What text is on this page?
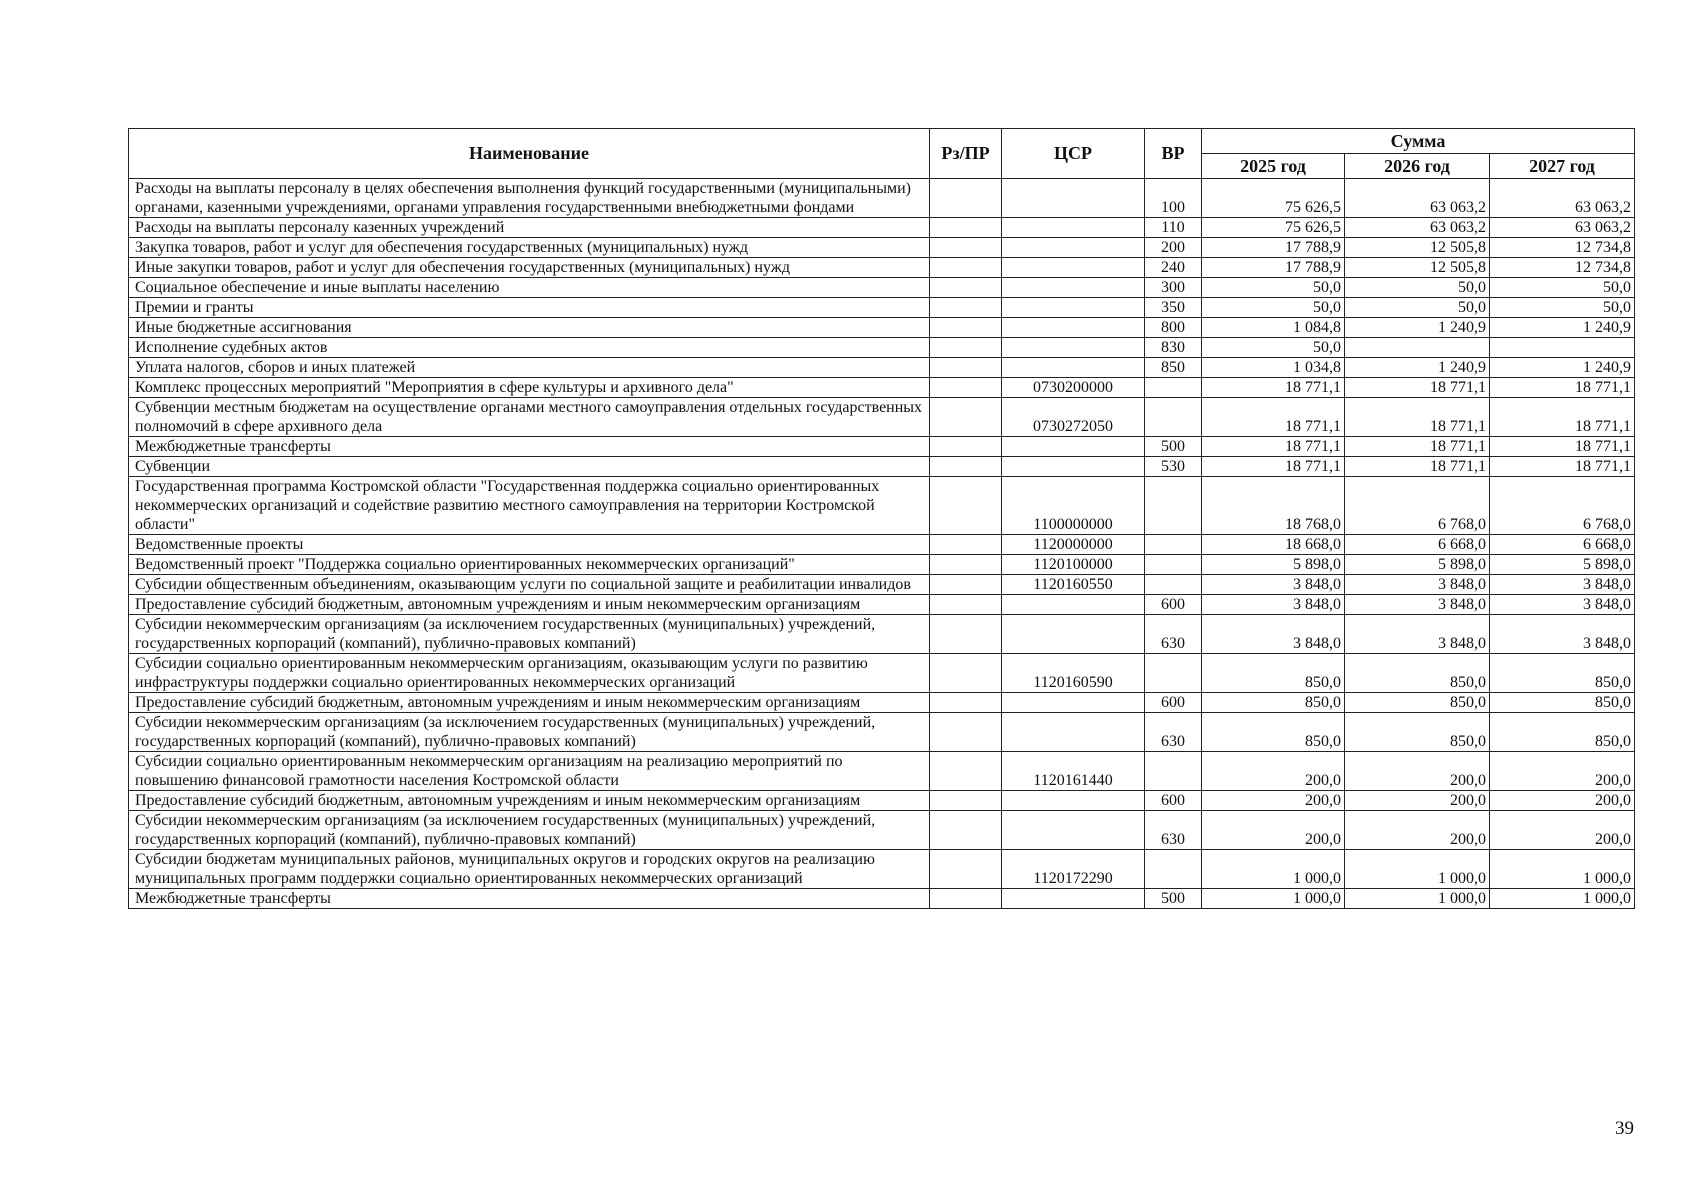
Наименование	Рз/ПР	ЦСР	ВР	Сумма		
				2025 год	2026 год	2027 год
Расходы на выплаты персоналу в целях обеспечения выполнения функций государственными (муниципальными) органами, казенными учреждениями, органами управления государственными внебюджетными фондами			100	75 626,5	63 063,2	63 063,2
Расходы на выплаты персоналу казенных учреждений			110	75 626,5	63 063,2	63 063,2
Закупка товаров, работ и услуг для обеспечения государственных (муниципальных) нужд			200	17 788,9	12 505,8	12 734,8
Иные закупки товаров, работ и услуг для обеспечения государственных (муниципальных) нужд			240	17 788,9	12 505,8	12 734,8
Социальное обеспечение и иные выплаты населению			300	50,0	50,0	50,0
Премии и гранты			350	50,0	50,0	50,0
Иные бюджетные ассигнования			800	1 084,8	1 240,9	1 240,9
Исполнение судебных актов			830	50,0		
Уплата налогов, сборов и иных платежей			850	1 034,8	1 240,9	1 240,9
Комплекс процессных мероприятий "Мероприятия в сфере культуры и архивного дела"		0730200000		18 771,1	18 771,1	18 771,1
Субвенции местным бюджетам на осуществление органами местного самоуправления отдельных государственных полномочий в сфере архивного дела		0730272050		18 771,1	18 771,1	18 771,1
Межбюджетные трансферты			500	18 771,1	18 771,1	18 771,1
Субвенции			530	18 771,1	18 771,1	18 771,1
Государственная программа Костромской области "Государственная поддержка социально ориентированных некоммерческих организаций и содействие развитию местного самоуправления на территории Костромской области"		1100000000		18 768,0	6 768,0	6 768,0
Ведомственные проекты		1120000000		18 668,0	6 668,0	6 668,0
Ведомственный проект "Поддержка социально ориентированных некоммерческих организаций"		1120100000		5 898,0	5 898,0	5 898,0
Субсидии общественным объединениям, оказывающим услуги по социальной защите и реабилитации инвалидов		1120160550		3 848,0	3 848,0	3 848,0
Предоставление субсидий бюджетным, автономным учреждениям и иным некоммерческим организациям			600	3 848,0	3 848,0	3 848,0
Субсидии некоммерческим организациям (за исключением государственных (муниципальных) учреждений, государственных корпораций (компаний), публично-правовых компаний)			630	3 848,0	3 848,0	3 848,0
Субсидии социально ориентированным некоммерческим организациям, оказывающим услуги по развитию инфраструктуры поддержки социально ориентированных некоммерческих организаций		1120160590		850,0	850,0	850,0
Предоставление субсидий бюджетным, автономным учреждениям и иным некоммерческим организациям			600	850,0	850,0	850,0
Субсидии некоммерческим организациям (за исключением государственных (муниципальных) учреждений, государственных корпораций (компаний), публично-правовых компаний)			630	850,0	850,0	850,0
Субсидии социально ориентированным некоммерческим организациям на реализацию мероприятий по повышению финансовой грамотности населения Костромской области		1120161440		200,0	200,0	200,0
Предоставление субсидий бюджетным, автономным учреждениям и иным некоммерческим организациям			600	200,0	200,0	200,0
Субсидии некоммерческим организациям (за исключением государственных (муниципальных) учреждений, государственных корпораций (компаний), публично-правовых компаний)			630	200,0	200,0	200,0
Субсидии бюджетам муниципальных районов, муниципальных округов и городских округов на реализацию муниципальных программ поддержки социально ориентированных некоммерческих организаций		1120172290		1 000,0	1 000,0	1 000,0
Межбюджетные трансферты			500	1 000,0	1 000,0	1 000,0
39
